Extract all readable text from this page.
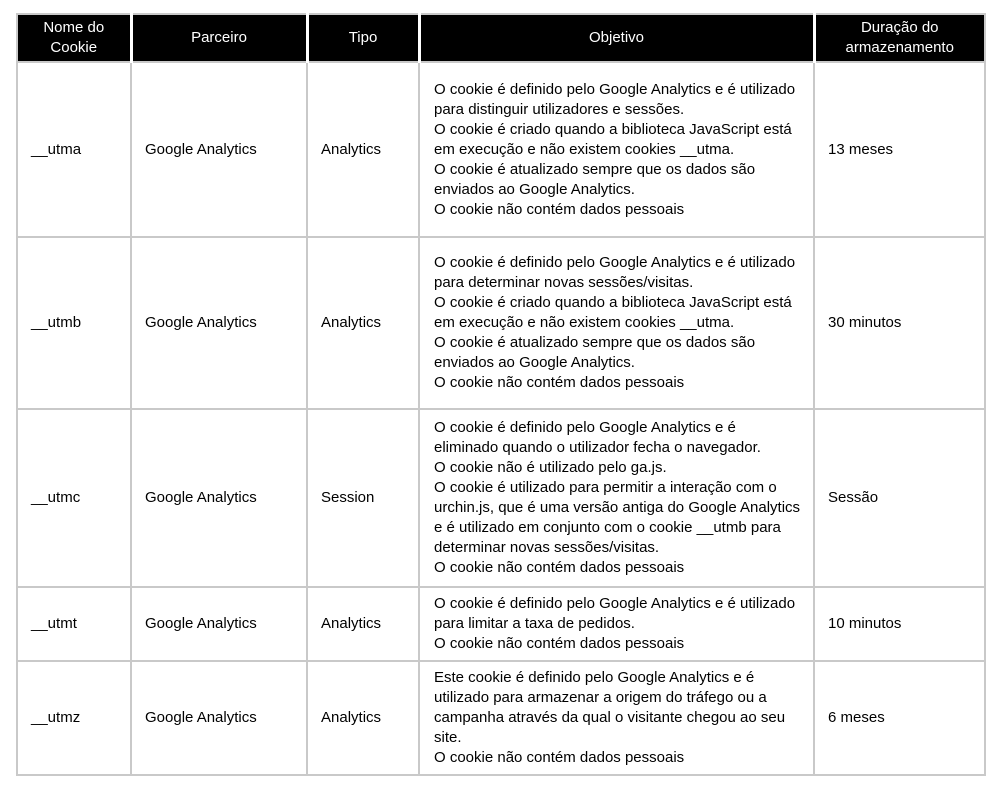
Nome do Cookie	Parceiro	Tipo	Objetivo	Duração do armazenamento
__utma	Google Analytics	Analytics	O cookie é definido pelo Google Analytics e é utilizado para distinguir utilizadores e sessões.

O cookie é criado quando a biblioteca JavaScript está em execução e não existem cookies __utma.

O cookie é atualizado sempre que os dados são enviados ao Google Analytics.

O cookie não contém dados pessoais	13 meses
__utmb	Google Analytics	Analytics	O cookie é definido pelo Google Analytics e é utilizado para determinar novas sessões/visitas.

O cookie é criado quando a biblioteca JavaScript está em execução e não existem cookies __utma.

O cookie é atualizado sempre que os dados são enviados ao Google Analytics.

O cookie não contém dados pessoais	30 minutos
__utmc	Google Analytics	Session	O cookie é definido pelo Google Analytics e é eliminado quando o utilizador fecha o navegador.

O cookie não é utilizado pelo ga.js.

O cookie é utilizado para permitir a interação com o urchin.js, que é uma versão antiga do Google Analytics e é utilizado em conjunto com o cookie __utmb para determinar novas sessões/visitas.

O cookie não contém dados pessoais	Sessão
__utmt	Google Analytics	Analytics	O cookie é definido pelo Google Analytics e é utilizado para limitar a taxa de pedidos.

O cookie não contém dados pessoais	10 minutos
__utmz	Google Analytics	Analytics	Este cookie é definido pelo Google Analytics e é utilizado para armazenar a origem do tráfego ou a campanha através da qual o visitante chegou ao seu site.

O cookie não contém dados pessoais	6 meses
